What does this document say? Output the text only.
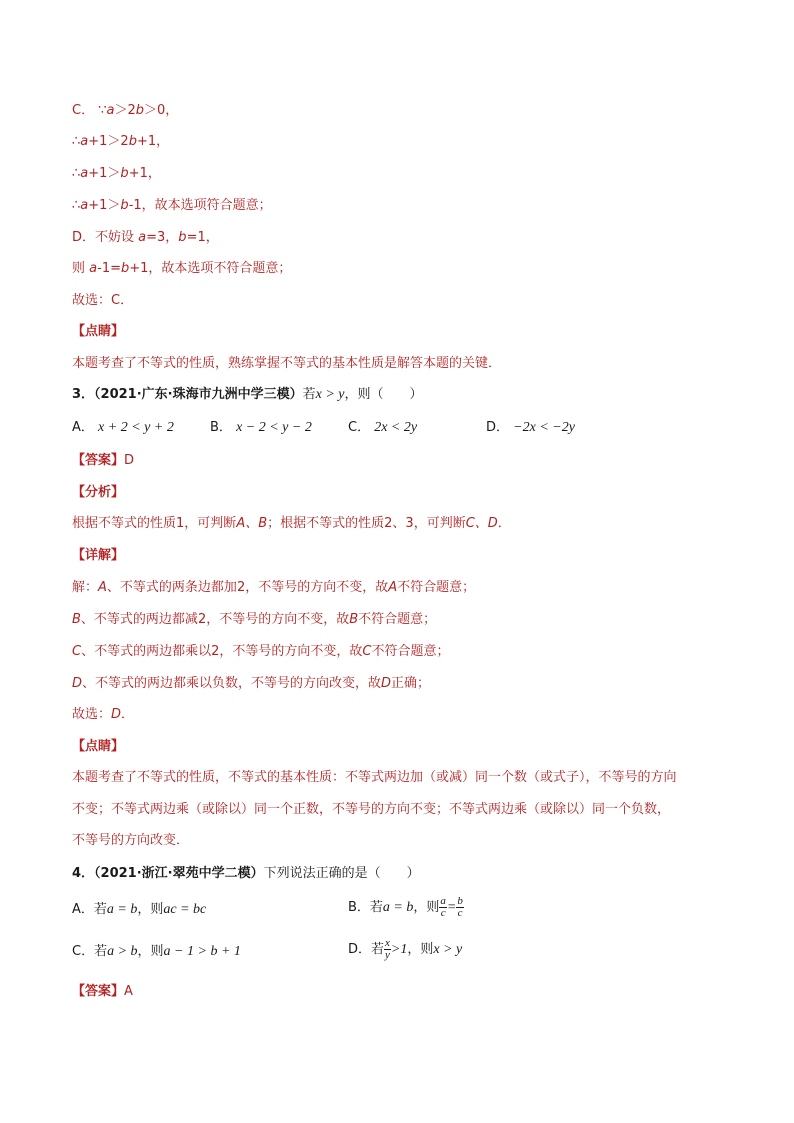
C． ∵a＞2b＞0，
∴a+1＞2b+1，
∴a+1＞b+1，
∴a+1＞b-1，故本选项符合题意；
D．不妨设 a=3，b=1，
则 a-1=b+1，故本选项不符合题意；
故选：C．
【点睛】
本题考查了不等式的性质，熟练掌握不等式的基本性质是解答本题的关键．
3．（2021·广东·珠海市九洲中学三模）若x > y，则（　　）
A． x + 2 < y + 2	B． x − 2 < y − 2	C． 2x < 2y	D． −2x < −2y
【答案】D
【分析】
根据不等式的性质1，可判断A、B；根据不等式的性质2、3，可判断C、D．
【详解】
解：A、不等式的两条边都加2，不等号的方向不变，故A不符合题意；
B、不等式的两边都减2，不等号的方向不变，故B不符合题意；
C、不等式的两边都乘以2，不等号的方向不变，故C不符合题意；
D、不等式的两边都乘以负数，不等号的方向改变，故D正确；
故选：D．
【点睛】
本题考查了不等式的性质，不等式的基本性质：不等式两边加（或减）同一个数（或式子），不等号的方向
不变；不等式两边乘（或除以）同一个正数，不等号的方向不变；不等式两边乘（或除以）同一个负数，
不等号的方向改变．
4．（2021·浙江·翠苑中学二模）下列说法正确的是（　　）
A．若a = b，则ac = bc	B．若a = b，则 $\frac{a}{c} = \frac{b}{c}$
C．若a > b，则a − 1 > b + 1	D．若 $\frac{x}{y} >1$，则x > y
【答案】A
